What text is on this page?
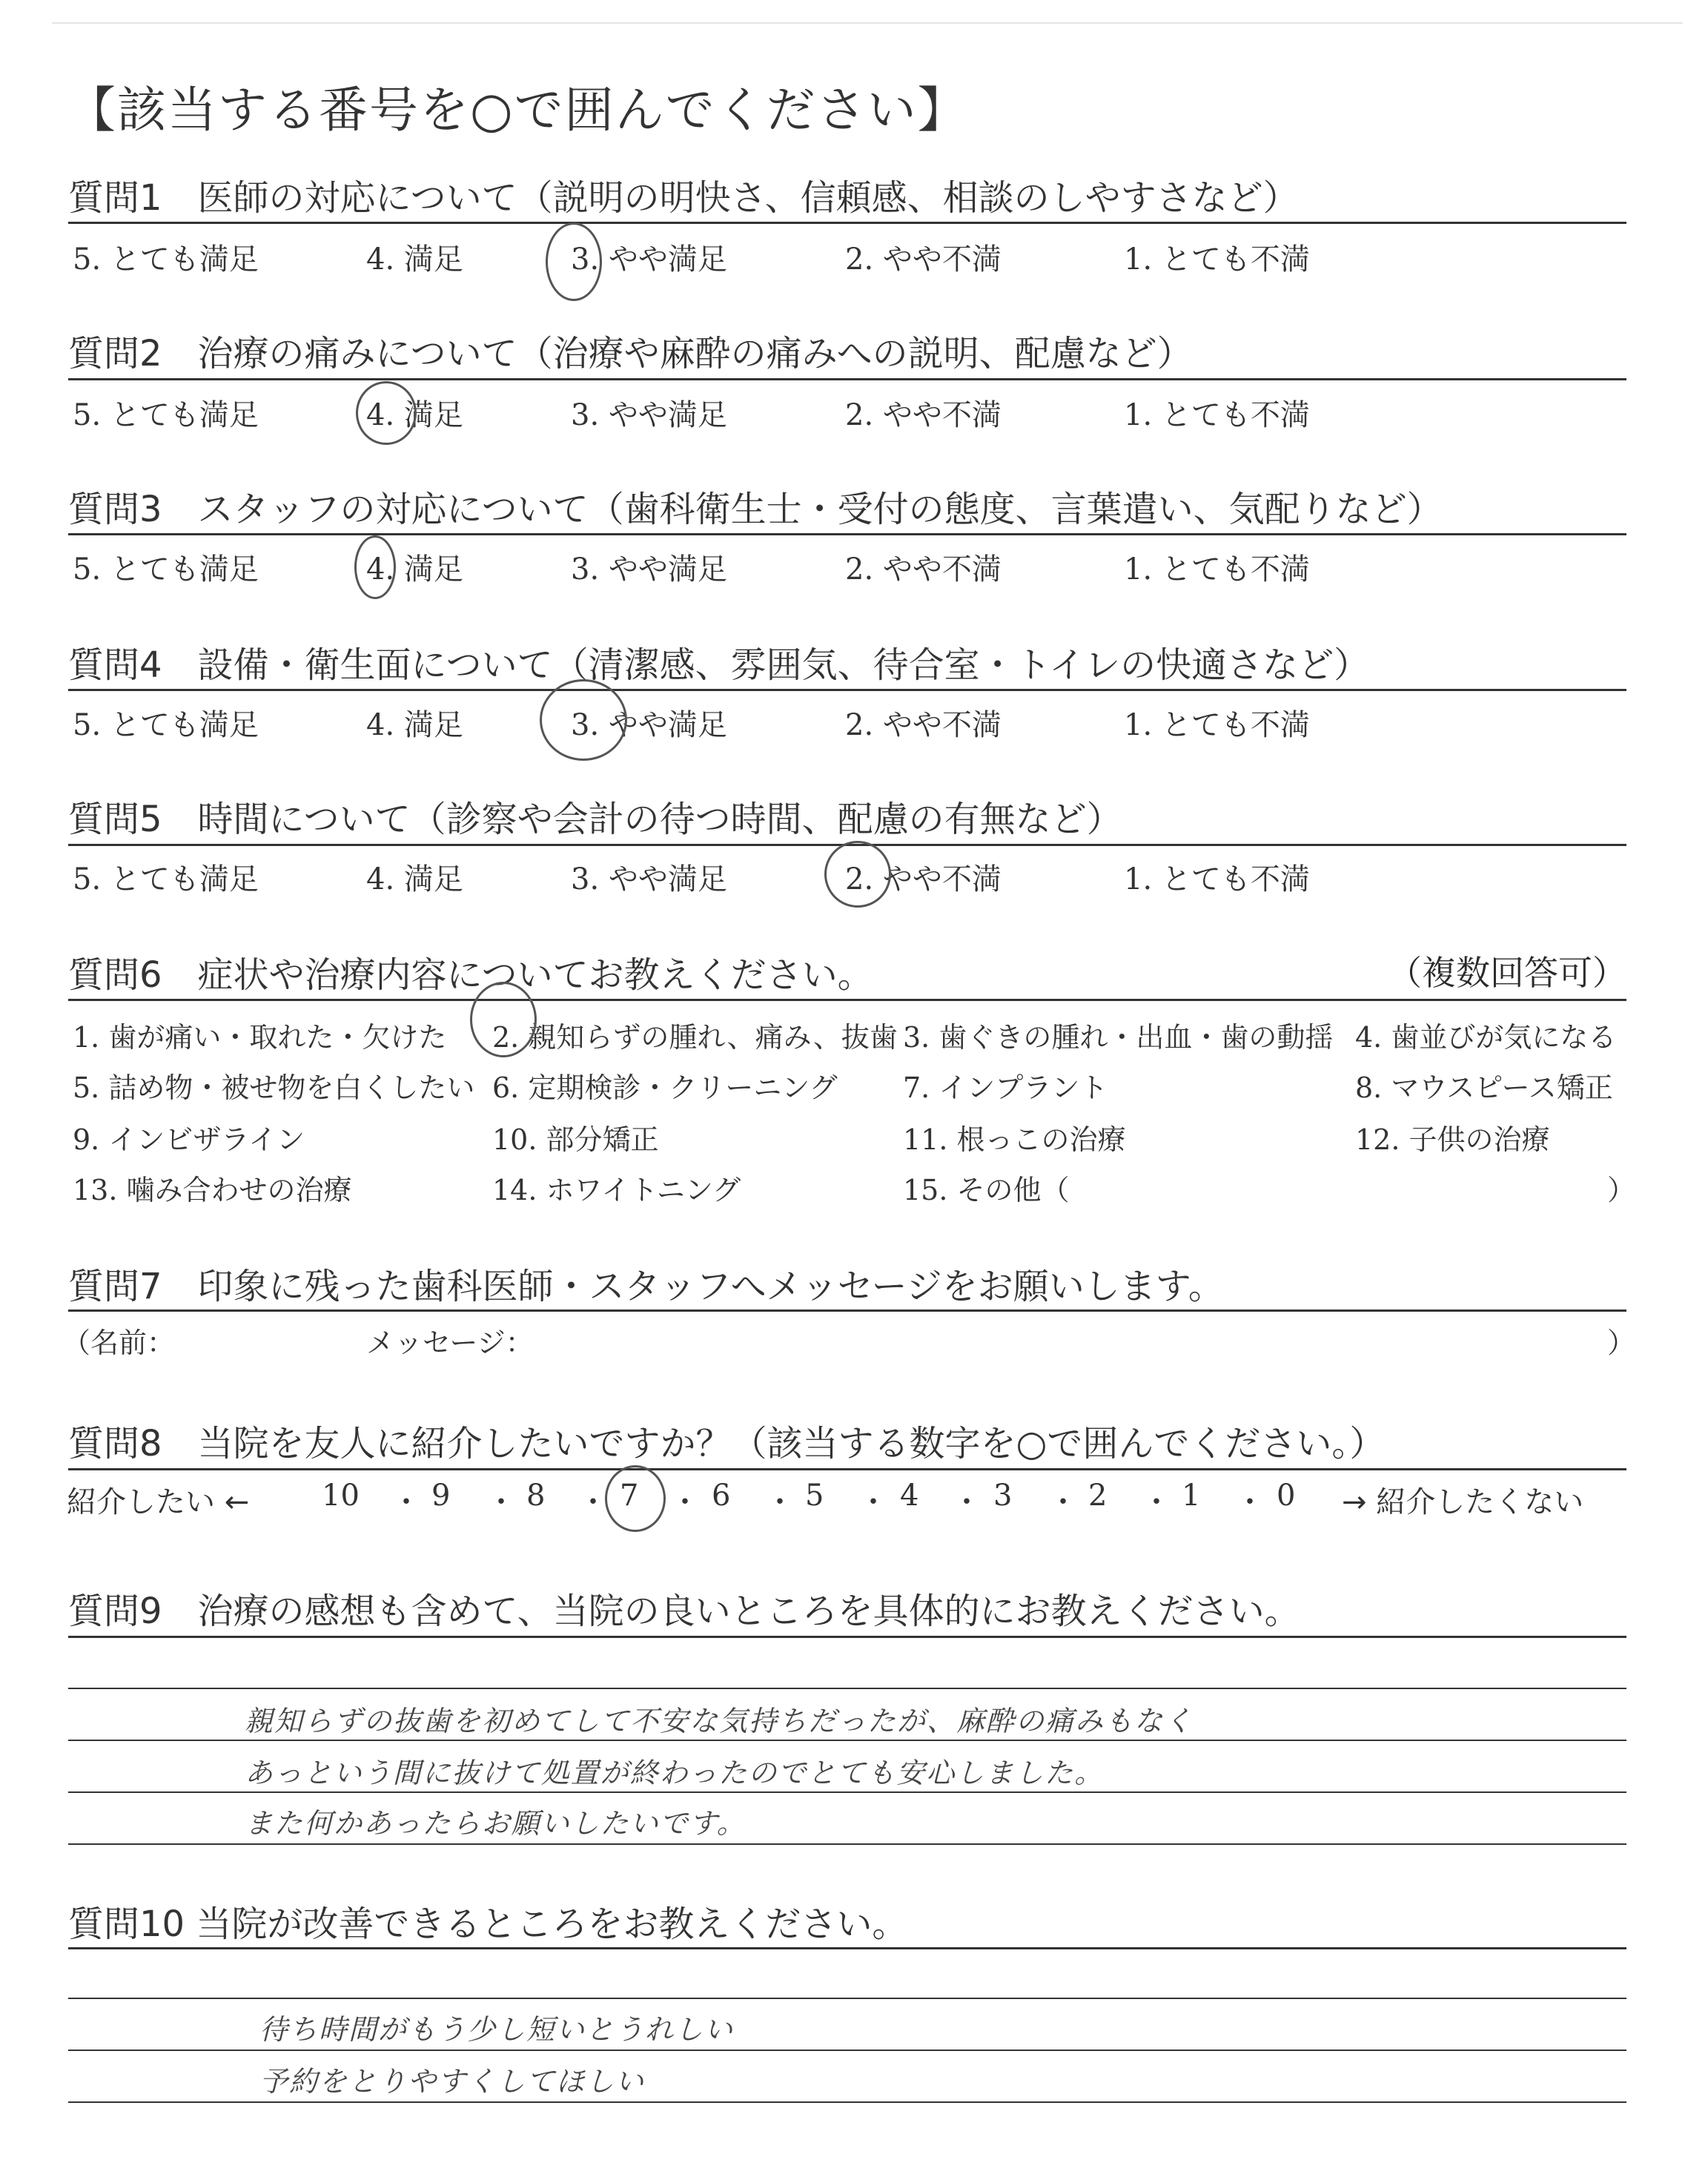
【該当する番号を○で囲んでください】
質問1　医師の対応について（説明の明快さ、信頼感、相談のしやすさなど）
5. とても満足	4. 満足	3. やや満足	2. やや不満	1. とても不満
質問2　治療の痛みについて（治療や麻酔の痛みへの説明、配慮など）
5. とても満足	4. 満足	3. やや満足	2. やや不満	1. とても不満
質問3　スタッフの対応について（歯科衛生士・受付の態度、言葉遣い、気配りなど）
5. とても満足	4. 満足	3. やや満足	2. やや不満	1. とても不満
質問4　設備・衛生面について（清潔感、雰囲気、待合室・トイレの快適さなど）
5. とても満足	4. 満足	3. やや満足	2. やや不満	1. とても不満
質問5　時間について（診察や会計の待つ時間、配慮の有無など）
5. とても満足	4. 満足	3. やや満足	2. やや不満	1. とても不満
質問6　症状や治療内容についてお教えください。	（複数回答可）
1. 歯が痛い・取れた・欠けた 2. 親知らずの腫れ、痛み、抜歯 3. 歯ぐきの腫れ・出血・歯の動揺 4. 歯並びが気になる
5. 詰め物・被せ物を白くしたい 6. 定期検診・クリーニング 7. インプラント	8. マウスピース矯正
9. インビザライン	10. 部分矯正	11. 根っこの治療	12. 子供の治療
13. 噛み合わせの治療	14. ホワイトニング	15. その他（	）
質問7　印象に残った歯科医師・スタッフへメッセージをお願いします。
（名前：	メッセージ：	）
質問8　当院を友人に紹介したいですか？（該当する数字を○で囲んでください。）
紹介したい ←	→ 紹介したくない
10 ・ 9 ・ 8 ・ 7 ・ 6 ・ 5 ・ 4 ・ 3 ・ 2 ・ 1 ・ 0
質問9　治療の感想も含めて、当院の良いところを具体的にお教えください。
親知らずの抜歯を初めてして不安な気持ちだったが、麻酔の痛みもなく
あっという間に抜けて処置が終わったのでとても安心しました。
また何かあったらお願いしたいです。
質問10 当院が改善できるところをお教えください。
待ち時間がもう少し短いとうれしい
予約をとりやすくしてほしい
